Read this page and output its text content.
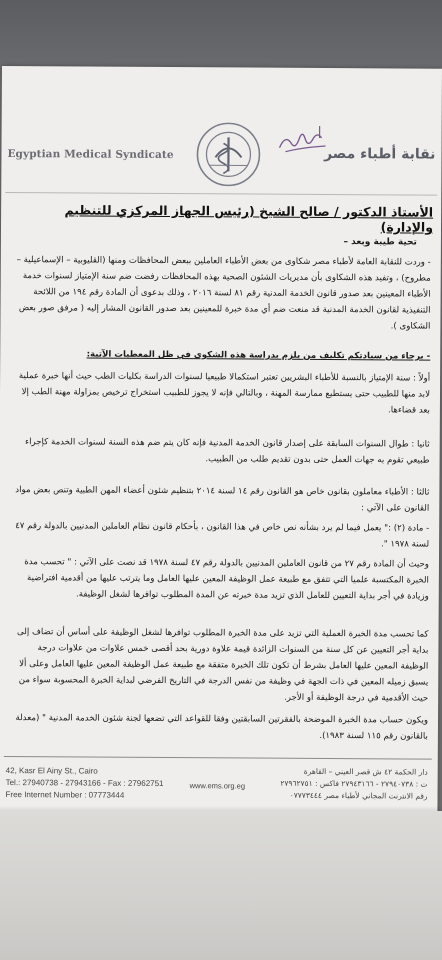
Egyptian Medical Syndicate	نقابة أطباء مصر
الأستاذ الدكتور / صالح الشيخ (رئيس الجهاز المركزي للتنظيم والإدارة)
تحية طيبة وبعد –
- وردت للنقابة العامة لأطباء مصر شكاوى من بعض الأطباء العاملين ببعض المحافظات ومنها (القليوبية – الإسماعيلية – مطروح) ، وتفيد هذه الشكاوى بأن مديريات الشئون الصحية بهذه المحافظات رفضت ضم سنة الإمتياز لسنوات خدمة الأطباء المعينين بعد صدور قانون الخدمة المدنية رقم ٨١ لسنة ٢٠١٦ ، وذلك بدعوى أن المادة رقم ١٩٤ من اللائحة التنفيذية لقانون الخدمة المدنية قد منعت ضم أي مدة خبرة للمعينين بعد صدور القانون المشار إليه ( مرفق صور بعض الشكاوى ).
- برجاء من سيادتكم تكليف من يلزم بدراسة هذه الشكوى في ظل المعطيات الآتية:
أولاً : سنة الإمتياز بالنسبة للأطباء البشريين تعتبر استكمالا طبيعيا لسنوات الدراسة بكليات الطب حيث أنها خبرة عملية لابد منها للطبيب حتى يستطيع ممارسة المهنة ، وبالتالي فإنه لا يجوز للطبيب استخراج ترخيص بمزاولة مهنة الطب إلا بعد قضاءها.
ثانيا : طوال السنوات السابقة على إصدار قانون الخدمة المدنية فإنه كان يتم ضم هذه السنة لسنوات الخدمة كإجراء طبيعي تقوم به جهات العمل حتى بدون تقديم طلب من الطبيب.
ثالثا : الأطباء معاملون بقانون خاص هو القانون رقم ١٤ لسنة ٢٠١٤ بتنظيم شئون أعضاء المهن الطبية وتنص بعض مواد القانون على الآتي :
- مادة (٢) :" يعمل فيما لم يرد بشأنه نص خاص في هذا القانون ، بأحكام قانون نظام العاملين المدنيين بالدولة رقم ٤٧ لسنة ١٩٧٨ ".
وحيث أن المادة رقم ٢٧ من قانون العاملين المدنيين بالدولة رقم ٤٧ لسنة ١٩٧٨ قد نصت على الآتي : " تحسب مدة الخبرة المكتسبة علميا التي تتفق مع طبيعة عمل الوظيفة المعين عليها العامل وما يترتب عليها من أقدمية افتراضية وزيادة في أجر بداية التعيين للعامل الذي تزيد مدة خبرته عن المدة المطلوب توافرها لشغل الوظيفة.
كما تحسب مدة الخبرة العملية التي تزيد على مدة الخبرة المطلوب توافرها لشغل الوظيفة على أساس أن تضاف إلى بداية أجر التعيين عن كل سنة من السنوات الزائدة قيمة علاوة دورية بحد أقصى خمس علاوات من علاوات درجة الوظيفة المعين عليها العامل بشرط أن تكون تلك الخبرة متفقة مع طبيعة عمل الوظيفة المعين عليها العامل وعلى ألا يسبق زميله المعين في ذات الجهة في وظيفة من نفس الدرجة في التاريخ الفرضي لبداية الخبرة المحسوبة سواء من حيث الأقدمية في درجة الوظيفة أو الأجر.
ويكون حساب مدة الخبرة الموضحة بالفقرتين السابقتين وفقا للقواعد التي تضعها لجنة شئون الخدمة المدنية " (معدلة بالقانون رقم ١١٥ لسنة ١٩٨٣).
42, Kasr El Ainy St., Cairo
Tel.: 27940738 - 27943166 - Fax : 27962751
Free Internet Number : 07773444
www.ems.org.eg
دار الحكمة ٤٢ ش قصر العيني – القاهرة
ت : ٢٧٩٤٠٧٣٨ - ٢٧٩٤٣١٦٦ فاكس : ٢٧٩٦٢٧٥١
رقم الانترنت المجاني لأطباء مصر ٠٧٧٧٣٤٤٤
